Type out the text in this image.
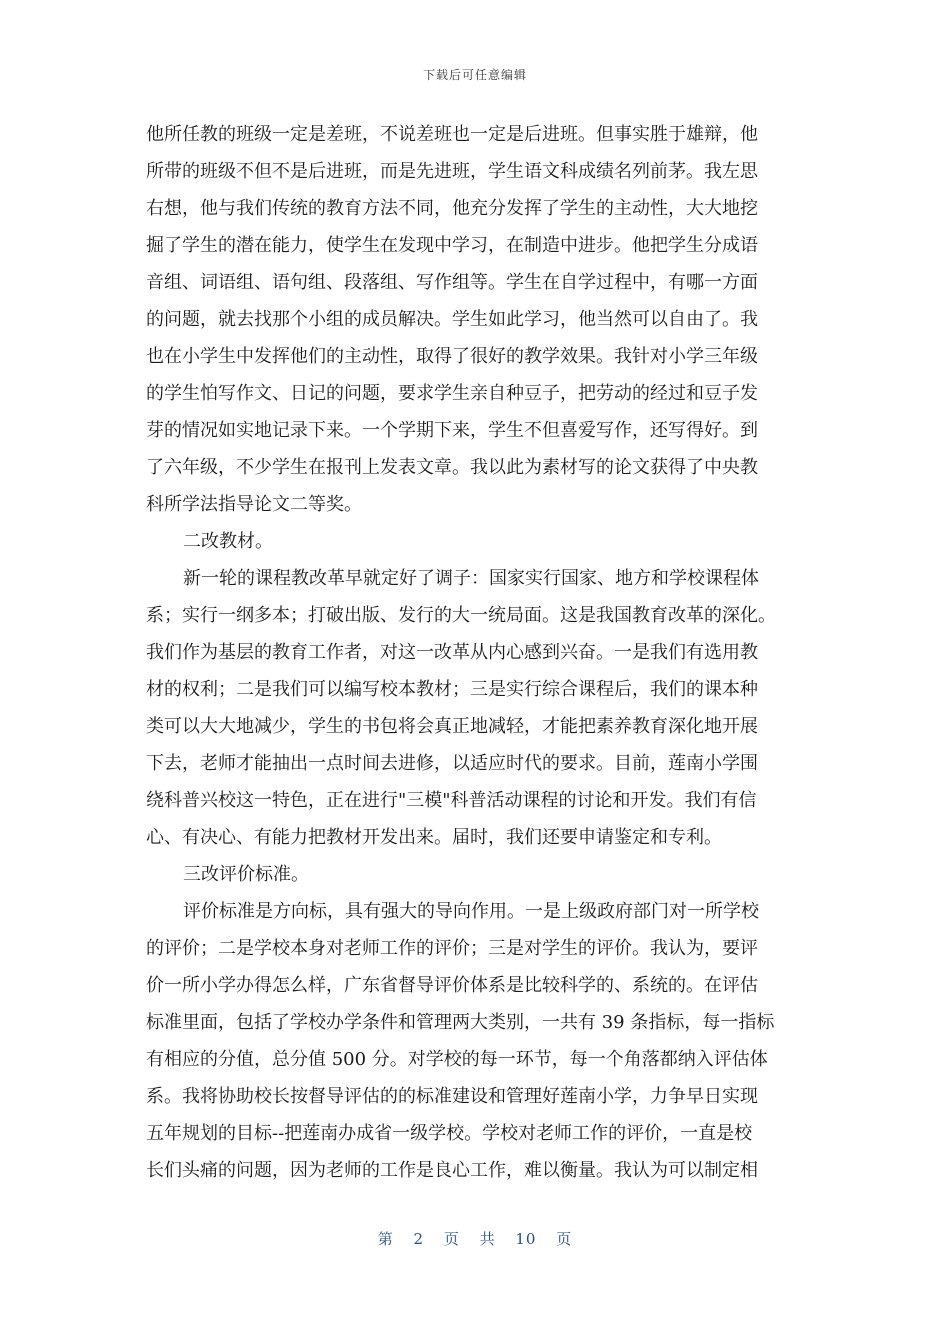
下载后可任意编辑
他所任教的班级一定是差班，不说差班也一定是后进班。但事实胜于雄辩，他
所带的班级不但不是后进班，而是先进班，学生语文科成绩名列前茅。我左思
右想，他与我们传统的教育方法不同，他充分发挥了学生的主动性，大大地挖
掘了学生的潜在能力，使学生在发现中学习，在制造中进步。他把学生分成语
音组、词语组、语句组、段落组、写作组等。学生在自学过程中，有哪一方面
的问题，就去找那个小组的成员解决。学生如此学习，他当然可以自由了。我
也在小学生中发挥他们的主动性，取得了很好的教学效果。我针对小学三年级
的学生怕写作文、日记的问题，要求学生亲自种豆子，把劳动的经过和豆子发
芽的情况如实地记录下来。一个学期下来，学生不但喜爱写作，还写得好。到
了六年级，不少学生在报刊上发表文章。我以此为素材写的论文获得了中央教
科所学法指导论文二等奖。
二改教材。
新一轮的课程教改革早就定好了调子：国家实行国家、地方和学校课程体
系；实行一纲多本；打破出版、发行的大一统局面。这是我国教育改革的深化。
我们作为基层的教育工作者，对这一改革从内心感到兴奋。一是我们有选用教
材的权利；二是我们可以编写校本教材；三是实行综合课程后，我们的课本种
类可以大大地减少，学生的书包将会真正地减轻，才能把素养教育深化地开展
下去，老师才能抽出一点时间去进修，以适应时代的要求。目前，莲南小学围
绕科普兴校这一特色，正在进行"三模"科普活动课程的讨论和开发。我们有信
心、有决心、有能力把教材开发出来。届时，我们还要申请鉴定和专利。
三改评价标准。
评价标准是方向标，具有强大的导向作用。一是上级政府部门对一所学校
的评价；二是学校本身对老师工作的评价；三是对学生的评价。我认为，要评
价一所小学办得怎么样，广东省督导评价体系是比较科学的、系统的。在评估
标准里面，包括了学校办学条件和管理两大类别，一共有 39 条指标，每一指标
有相应的分值，总分值 500 分。对学校的每一环节，每一个角落都纳入评估体
系。我将协助校长按督导评估的的标准建设和管理好莲南小学，力争早日实现
五年规划的目标--把莲南办成省一级学校。学校对老师工作的评价，一直是校
长们头痛的问题，因为老师的工作是良心工作，难以衡量。我认为可以制定相
第 2 页 共 10 页
